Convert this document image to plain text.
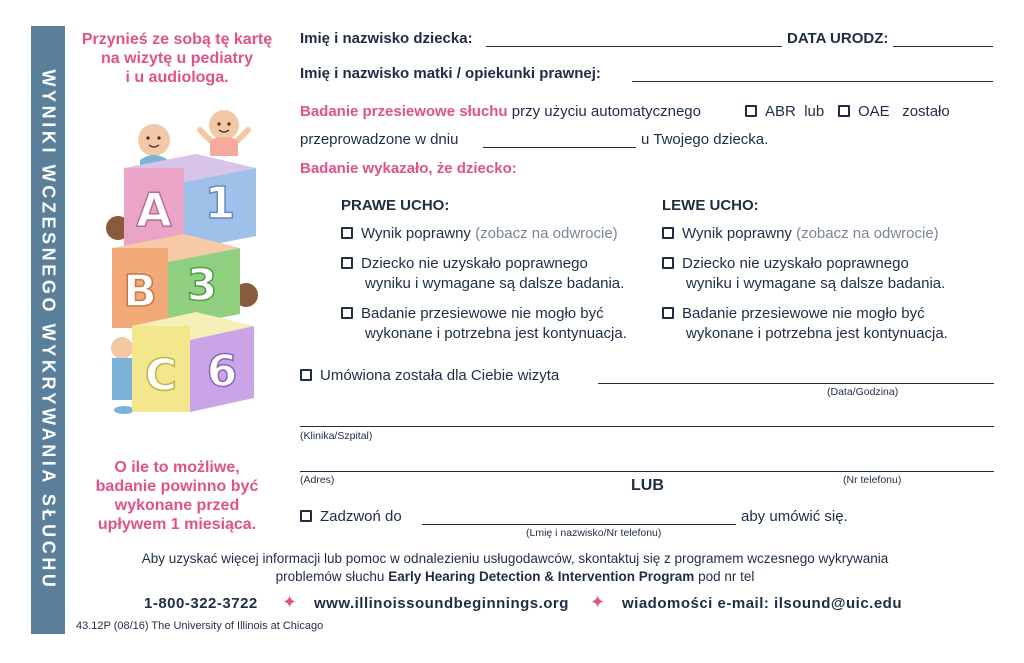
WYNIKI WCZESNEGO WYKRYWANIA SŁUCHU
Przynieś ze sobą tę kartę
na wizytę u pediatry
i u audiologa.
A 1
B 3
C 6
O ile to możliwe,
badanie powinno być
wykonane przed
upływem 1 miesiąca.
Imię i nazwisko dziecka:	DATA URODZ:
Imię i nazwisko matki / opiekunki prawnej:
Badanie przesiewowe słuchu przy użyciu automatycznego	ABR lub	OAE zostało
przeprowadzone w dniu	u Twojego dziecka.
Badanie wykazało, że dziecko:
PRAWE UCHO:
Wynik poprawny (zobacz na odwrocie)
Dziecko nie uzyskało poprawnego
wyniku i wymagane są dalsze badania.
Badanie przesiewowe nie mogło być
wykonane i potrzebna jest kontynuacja.
LEWE UCHO:
Wynik poprawny (zobacz na odwrocie)
Dziecko nie uzyskało poprawnego
wyniku i wymagane są dalsze badania.
Badanie przesiewowe nie mogło być
wykonane i potrzebna jest kontynuacja.
Umówiona została dla Ciebie wizyta
(Data/Godzina)
(Klinika/Szpital)
(Adres)	(Nr telefonu)
LUB
Zadzwoń do	aby umówić się.
(Lmię i nazwisko/Nr telefonu)
Aby uzyskać więcej informacji lub pomoc w odnalezieniu usługodawców, skontaktuj się z programem wczesnego wykrywania
problemów słuchu Early Hearing Detection & Intervention Program pod nr tel
1-800-322-3722 ✦ www.illinoissoundbeginnings.org ✦ wiadomości e-mail: ilsound@uic.edu
43.12P (08/16) The University of Illinois at Chicago
